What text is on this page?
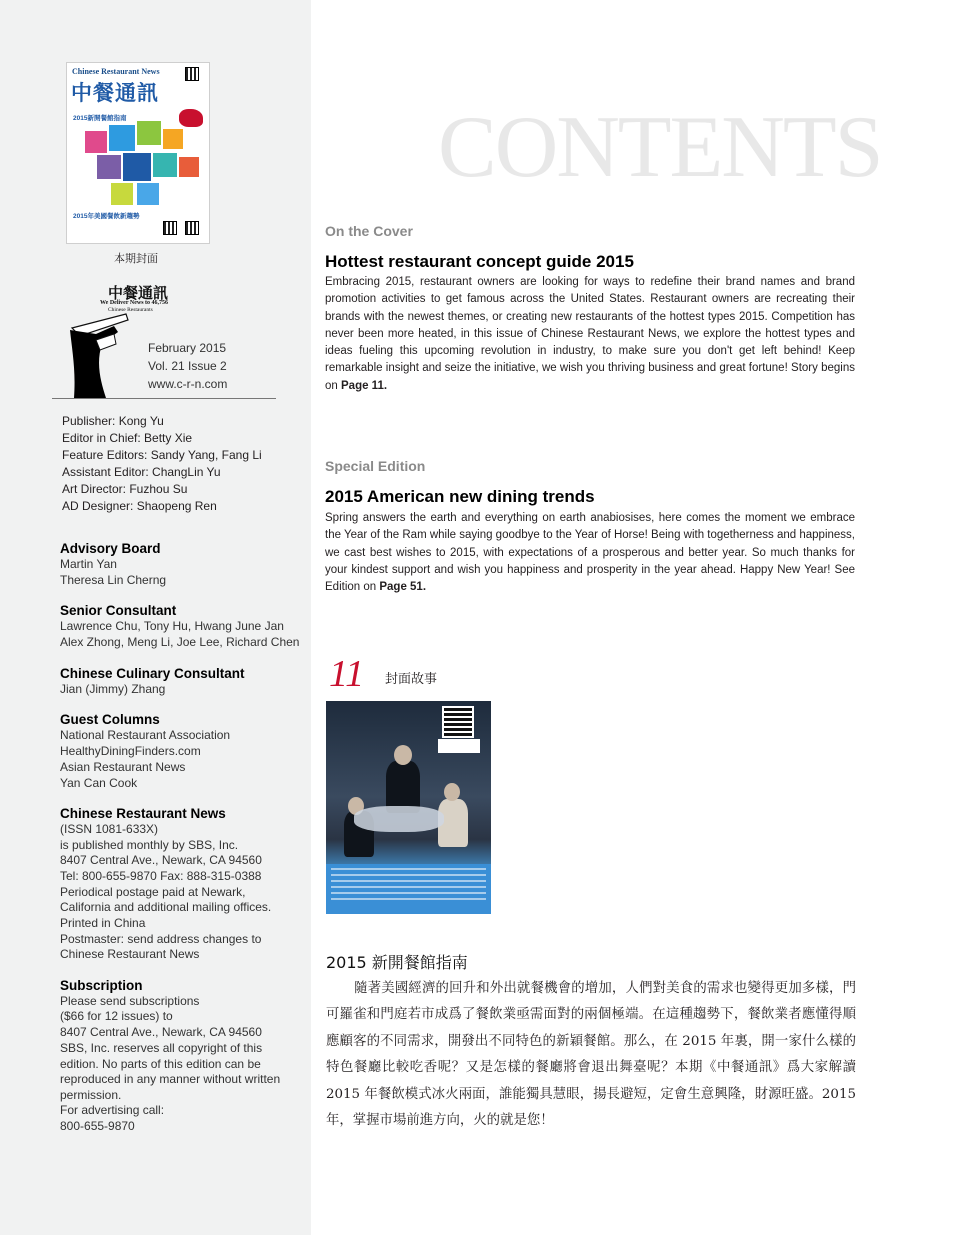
Chinese Restaurant News
中餐通訊
2015新開餐館指南
2015年美國餐飲新趨勢
本期封面
中餐通訊
We Deliver News to 46,756
Chinese Restaurants
February 2015
Vol. 21 Issue 2
www.c-r-n.com
Publisher: Kong Yu
Editor in Chief: Betty Xie
Feature Editors: Sandy Yang, Fang Li
Assistant Editor: ChangLin Yu
Art Director: Fuzhou Su
AD Designer: Shaopeng Ren
Advisory Board
Martin Yan
Theresa Lin Cherng
Senior Consultant
Lawrence Chu, Tony Hu, Hwang June Jan
Alex Zhong, Meng Li, Joe Lee, Richard Chen
Chinese Culinary Consultant
Jian (Jimmy) Zhang
Guest Columns
National Restaurant Association
HealthyDiningFinders.com
Asian Restaurant News
Yan Can Cook
Chinese Restaurant News
(ISSN 1081-633X)
is published monthly by SBS, Inc.
8407 Central Ave., Newark, CA 94560
Tel: 800-655-9870 Fax: 888-315-0388
Periodical postage paid at Newark,
California and additional mailing offices.
Printed in China
Postmaster: send address changes to
Chinese Restaurant News
Subscription
Please send subscriptions
($66 for 12 issues) to
8407 Central Ave., Newark, CA 94560
SBS, Inc. reserves all copyright of this
edition. No parts of this edition can be
reproduced in any manner without written
permission.
For advertising call:
800-655-9870
CONTENTS
On the Cover
Hottest restaurant concept guide 2015
Embracing 2015, restaurant owners are looking for ways to redefine their brand names and brand promotion activities to get famous across the United States. Restaurant owners are recreating their brands with the newest themes, or creating new restaurants of the hottest types 2015. Competition has never been more heated, in this issue of Chinese Restaurant News, we explore the hottest types and ideas fueling this upcoming revolution in industry, to make sure you don't get left behind! Keep remarkable insight and seize the initiative, we wish you thriving business and great fortune! Story begins on Page 11.
Special Edition
2015 American new dining trends
Spring answers the earth and everything on earth anabiosises, here comes the moment we embrace the Year of the Ram while saying goodbye to the Year of Horse! Being with togetherness and happiness, we cast best wishes to 2015, with expectations of a prosperous and better year. So much thanks for your kindest support and wish you happiness and prosperity in the year ahead. Happy New Year! See Edition on Page 51.
11 封面故事
2015 新開餐館指南
隨著美國經濟的回升和外出就餐機會的增加，人們對美食的需求也變得更加多樣，門可羅雀和門庭若市成爲了餐飲業亟需面對的兩個極端。在這種趨勢下，餐飲業者應懂得順應顧客的不同需求，開發出不同特色的新穎餐館。那么，在 2015 年裏，開一家什么樣的特色餐廳比較吃香呢？又是怎樣的餐廳將會退出舞臺呢？本期《中餐通訊》爲大家解讀 2015 年餐飲模式冰火兩面，誰能獨具慧眼，揚長避短，定會生意興隆，財源旺盛。2015 年，掌握市場前進方向，火的就是您！
